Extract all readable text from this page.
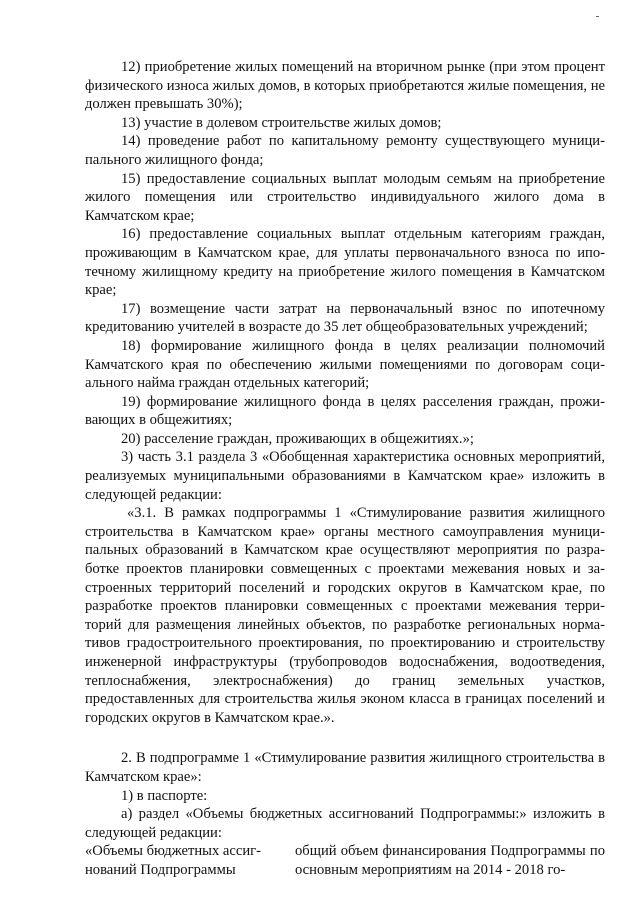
12) приобретение жилых помещений на вторичном рынке (при этом процент физического износа жилых домов, в которых приобретаются жилые помещения, не должен превышать 30%);

13) участие в долевом строительстве жилых домов;

14) проведение работ по капитальному ремонту существующего муниципального жилищного фонда;

15) предоставление социальных выплат молодым семьям на приобретение жилого помещения или строительство индивидуального жилого дома в Камчатском крае;

16) предоставление социальных выплат отдельным категориям граждан, проживающим в Камчатском крае, для уплаты первоначального взноса по ипотечному жилищному кредиту на приобретение жилого помещения в Камчатском крае;

17) возмещение части затрат на первоначальный взнос по ипотечному кредитованию учителей в возрасте до 35 лет общеобразовательных учреждений;

18) формирование жилищного фонда в целях реализации полномочий Камчатского края по обеспечению жилыми помещениями по договорам социального найма граждан отдельных категорий;

19) формирование жилищного фонда в целях расселения граждан, проживающих в общежитиях;

20) расселение граждан, проживающих в общежитиях.»;

3) часть 3.1 раздела 3 «Обобщенная характеристика основных мероприятий, реализуемых муниципальными образованиями в Камчатском крае» изложить в следующей редакции:

«3.1. В рамках подпрограммы 1 «Стимулирование развития жилищного строительства в Камчатском крае» органы местного самоуправления муниципальных образований в Камчатском крае осуществляют мероприятия по разработке проектов планировки совмещенных с проектами межевания новых и застроенных территорий поселений и городских округов в Камчатском крае, по разработке проектов планировки совмещенных с проектами межевания территорий для размещения линейных объектов, по разработке региональных нормативов градостроительного проектирования, по проектированию и строительству инженерной инфраструктуры (трубопроводов водоснабжения, водоотведения, теплоснабжения, электроснабжения) до границ земельных участков, предоставленных для строительства жилья эконом класса в границах поселений и городских округов в Камчатском крае.».

2. В подпрограмме 1 «Стимулирование развития жилищного строительства в Камчатском крае»:

1) в паспорте:

а) раздел «Объемы бюджетных ассигнований Подпрограммы:» изложить в следующей редакции:

«Объемы бюджетных ассигнований Подпрограммы

общий объем финансирования Подпрограммы по основным мероприятиям на 2014 - 2018 го-
